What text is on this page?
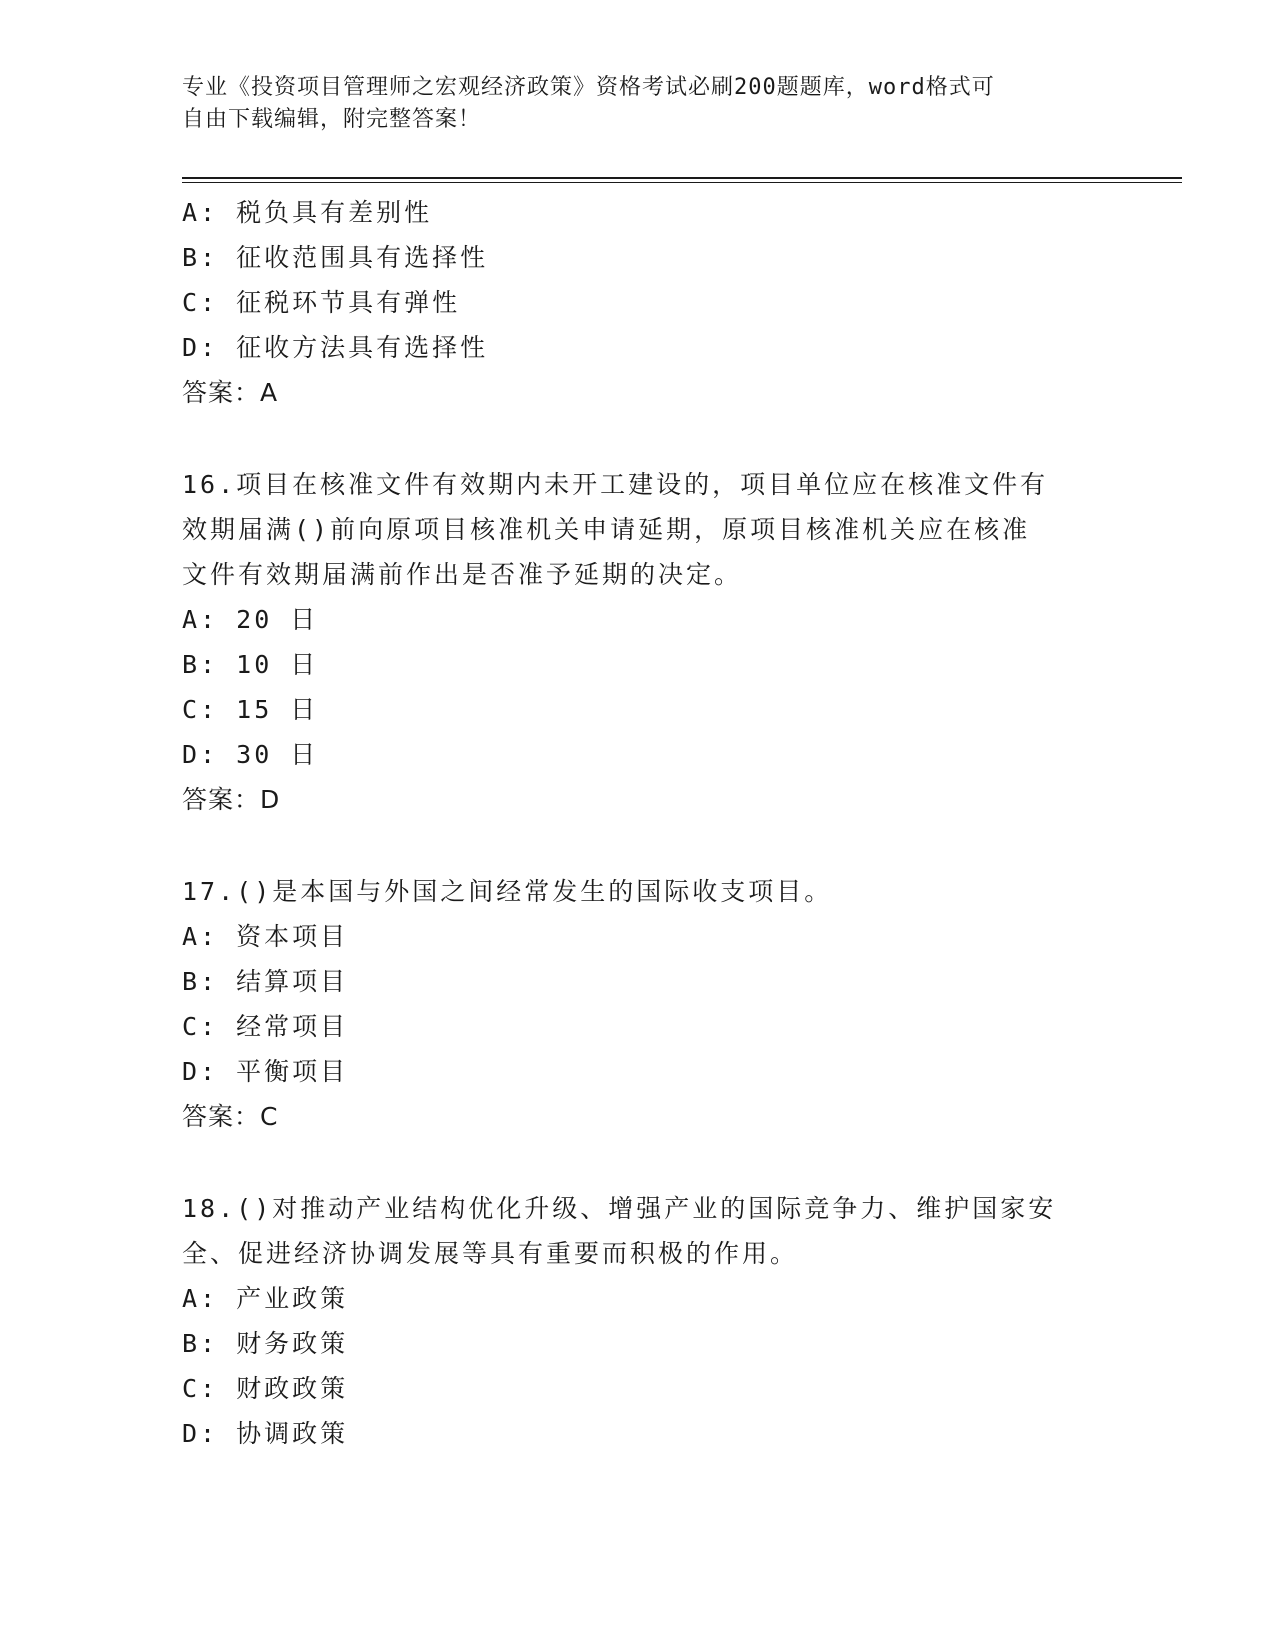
专业《投资项目管理师之宏观经济政策》资格考试必刷200题题库，word格式可
自由下载编辑，附完整答案！
A: 税负具有差别性
B: 征收范围具有选择性
C: 征税环节具有弹性
D: 征收方法具有选择性
答案：A
16.项目在核准文件有效期内未开工建设的，项目单位应在核准文件有
效期届满()前向原项目核准机关申请延期，原项目核准机关应在核准
文件有效期届满前作出是否准予延期的决定。
A: 20 日
B: 10 日
C: 15 日
D: 30 日
答案：D
17.()是本国与外国之间经常发生的国际收支项目。
A: 资本项目
B: 结算项目
C: 经常项目
D: 平衡项目
答案：C
18.()对推动产业结构优化升级、增强产业的国际竞争力、维护国家安
全、促进经济协调发展等具有重要而积极的作用。
A: 产业政策
B: 财务政策
C: 财政政策
D: 协调政策
